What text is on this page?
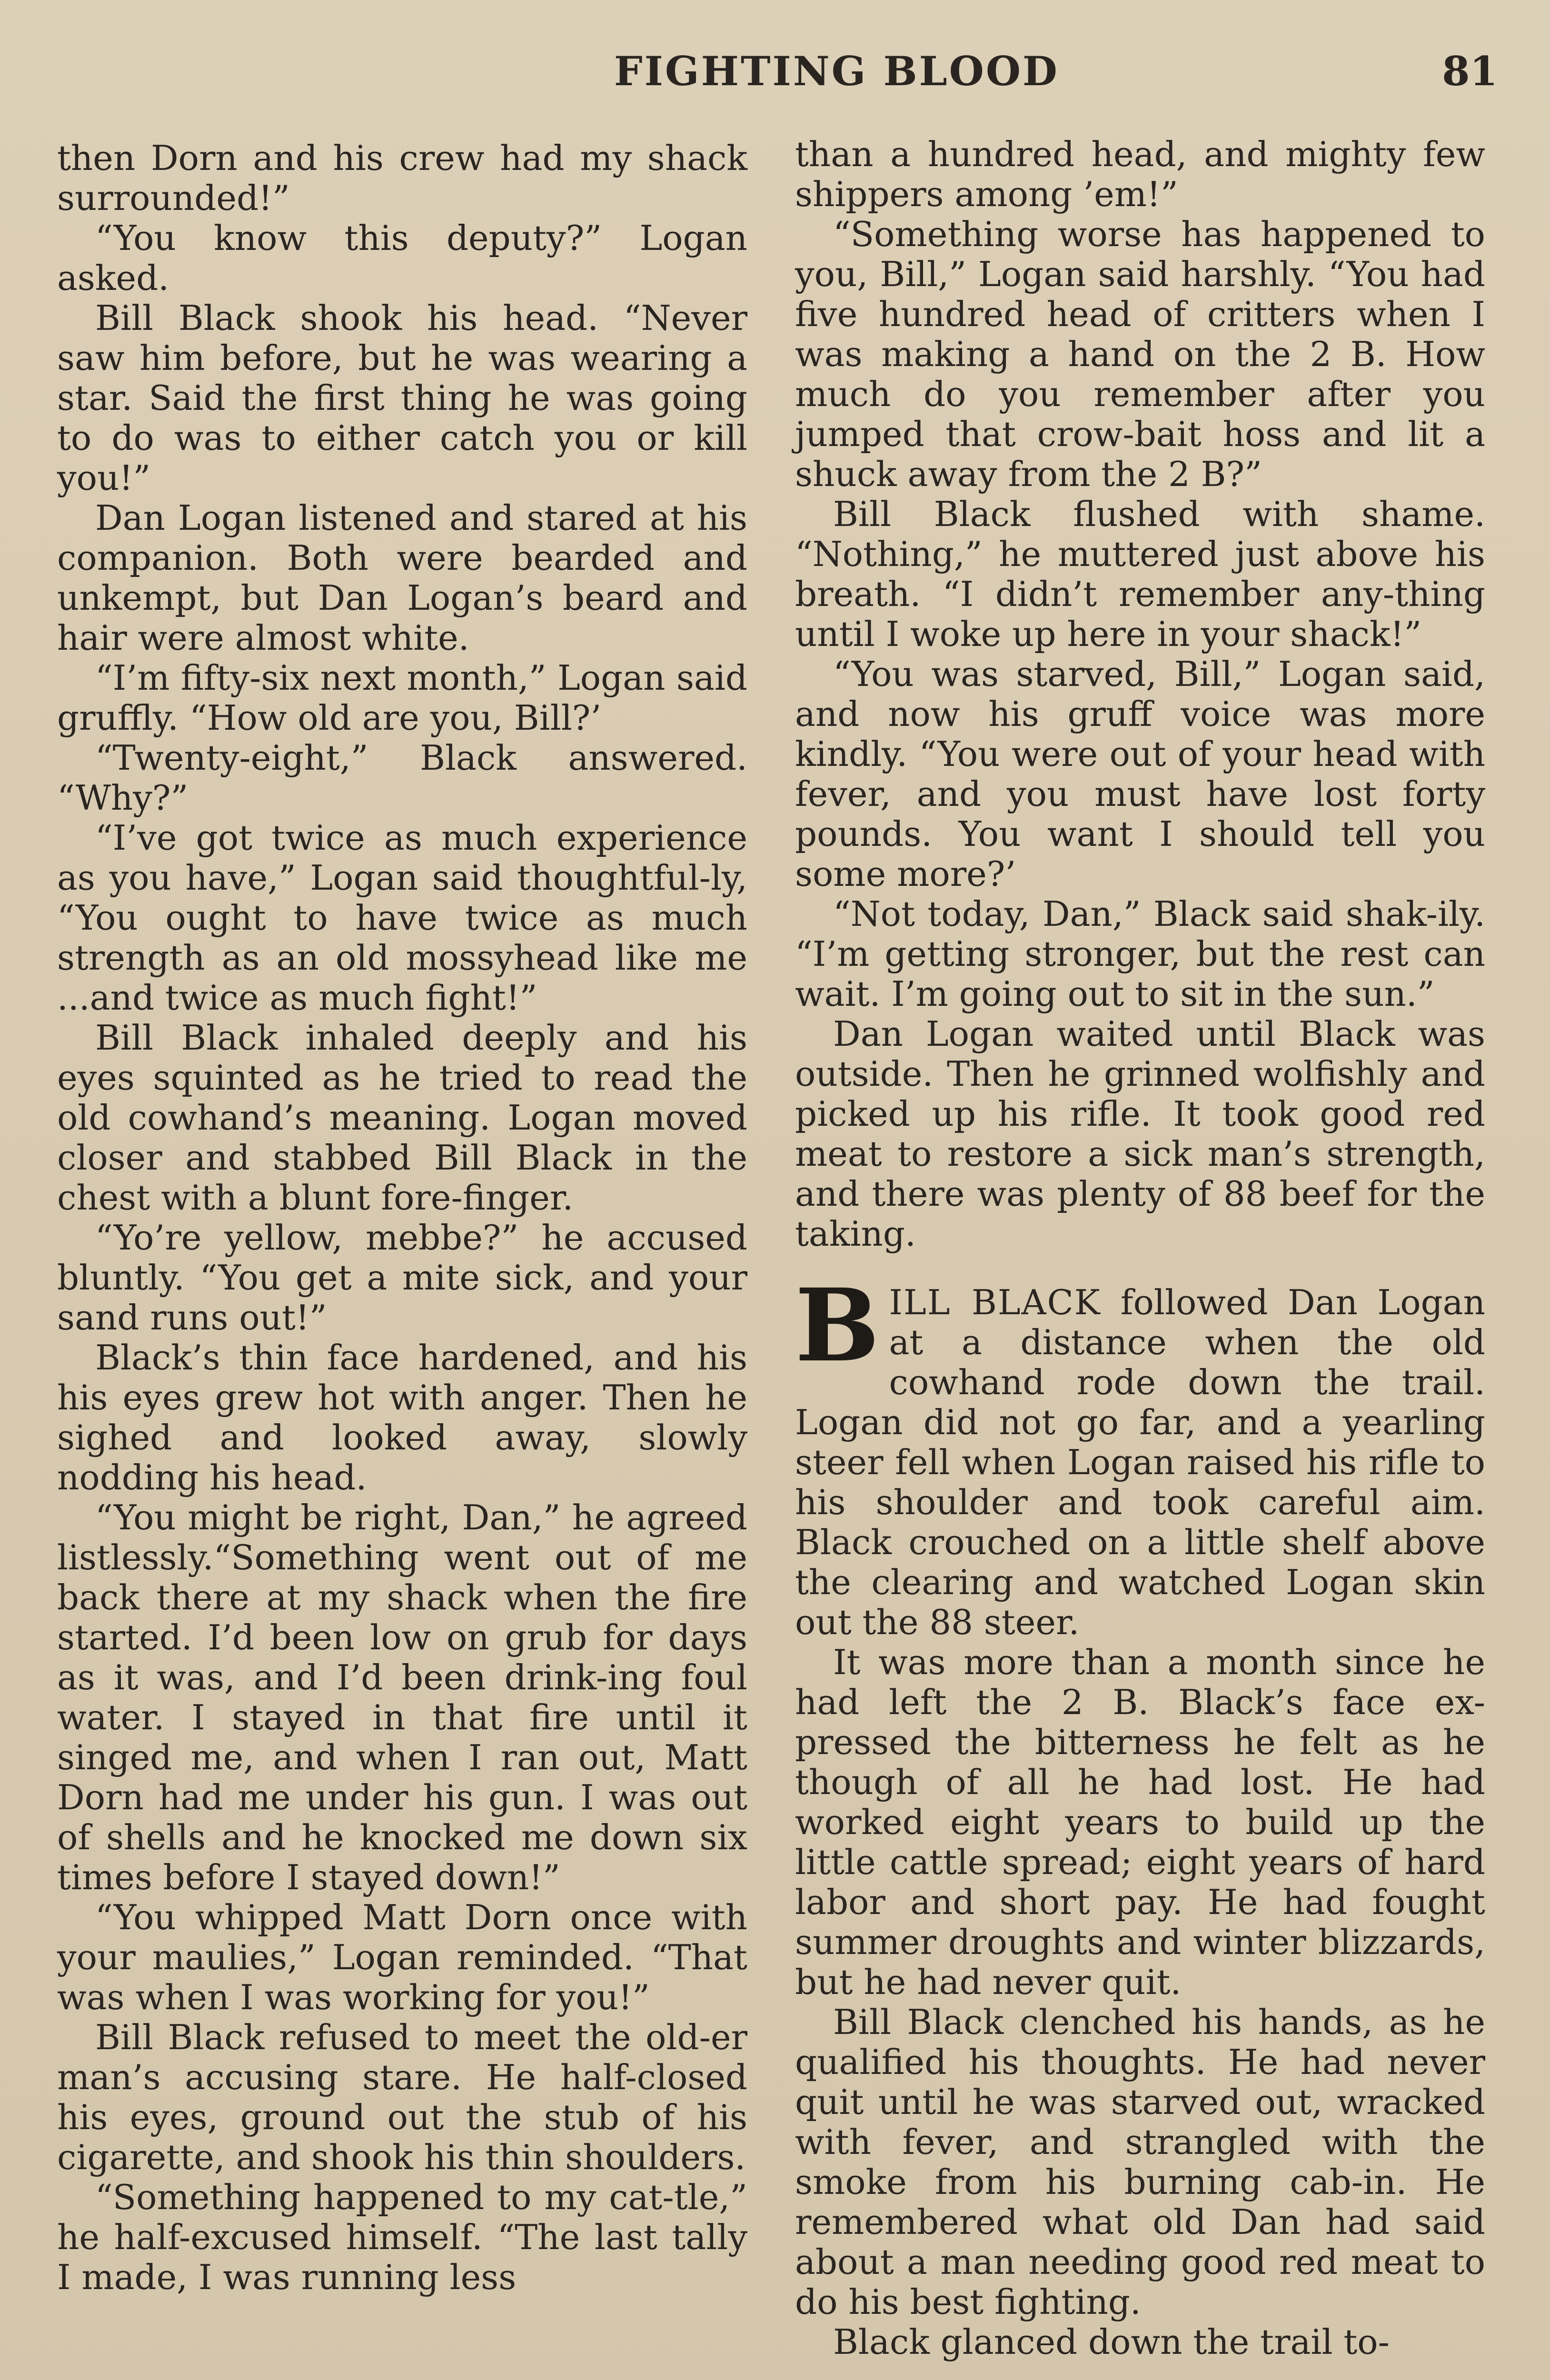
FIGHTING BLOOD	81

then Dorn and his crew had my shack surrounded!”

“You know this deputy?” Logan asked.

Bill Black shook his head. “Never saw him before, but he was wearing a star. Said the first thing he was going to do was to either catch you or kill you!”

Dan Logan listened and stared at his companion. Both were bearded and unkempt, but Dan Logan’s beard and hair were almost white.

“I’m fifty-six next month,” Logan said gruffly. “How old are you, Bill?’

“Twenty-eight,” Black answered. “Why?”

“I’ve got twice as much experience as you have,” Logan said thoughtful-ly, “You ought to have twice as much strength as an old mossyhead like me ...and twice as much fight!”

Bill Black inhaled deeply and his eyes squinted as he tried to read the old cowhand’s meaning. Logan moved closer and stabbed Bill Black in the chest with a blunt fore-finger.

“Yo’re yellow, mebbe?” he accused bluntly. “You get a mite sick, and your sand runs out!”

Black’s thin face hardened, and his his eyes grew hot with anger. Then he sighed and looked away, slowly nodding his head.

“You might be right, Dan,” he agreed listlessly.“Something went out of me back there at my shack when the fire started. I’d been low on grub for days as it was, and I’d been drink-ing foul water. I stayed in that fire until it singed me, and when I ran out, Matt Dorn had me under his gun. I was out of shells and he knocked me down six times before I stayed down!”

“You whipped Matt Dorn once with your maulies,” Logan reminded. “That was when I was working for you!”

Bill Black refused to meet the old-er man’s accusing stare. He half-closed his eyes, ground out the stub of his cigarette, and shook his thin shoulders.

“Something happened to my cat-tle,” he half-excused himself. “The last tally I made, I was running less

than a hundred head, and mighty few shippers among ’em!”

“Something worse has happened to you, Bill,” Logan said harshly. “You had five hundred head of critters when I was making a hand on the 2 B. How much do you remember after you jumped that crow-bait hoss and lit a shuck away from the 2 B?”

Bill Black flushed with shame. “Nothing,” he muttered just above his breath. “I didn’t remember any-thing until I woke up here in your shack!”

“You was starved, Bill,” Logan said, and now his gruff voice was more kindly. “You were out of your head with fever, and you must have lost forty pounds. You want I should tell you some more?’

“Not today, Dan,” Black said shak-ily. “I’m getting stronger, but the rest can wait. I’m going out to sit in the sun.”

Dan Logan waited until Black was outside. Then he grinned wolfishly and picked up his rifle. It took good red meat to restore a sick man’s strength, and there was plenty of 88 beef for the taking.

BILL BLACK followed Dan Logan at a distance when the old cowhand rode down the trail. Logan did not go far, and a yearling steer fell when Logan raised his rifle to his shoulder and took careful aim. Black crouched on a little shelf above the clearing and watched Logan skin out the 88 steer.

It was more than a month since he had left the 2 B. Black’s face ex-pressed the bitterness he felt as he though of all he had lost. He had worked eight years to build up the little cattle spread; eight years of hard labor and short pay. He had fought summer droughts and winter blizzards, but he had never quit.

Bill Black clenched his hands, as he qualified his thoughts. He had never quit until he was starved out, wracked with fever, and strangled with the smoke from his burning cab-in. He remembered what old Dan had said about a man needing good red meat to do his best fighting.

Black glanced down the trail to-
